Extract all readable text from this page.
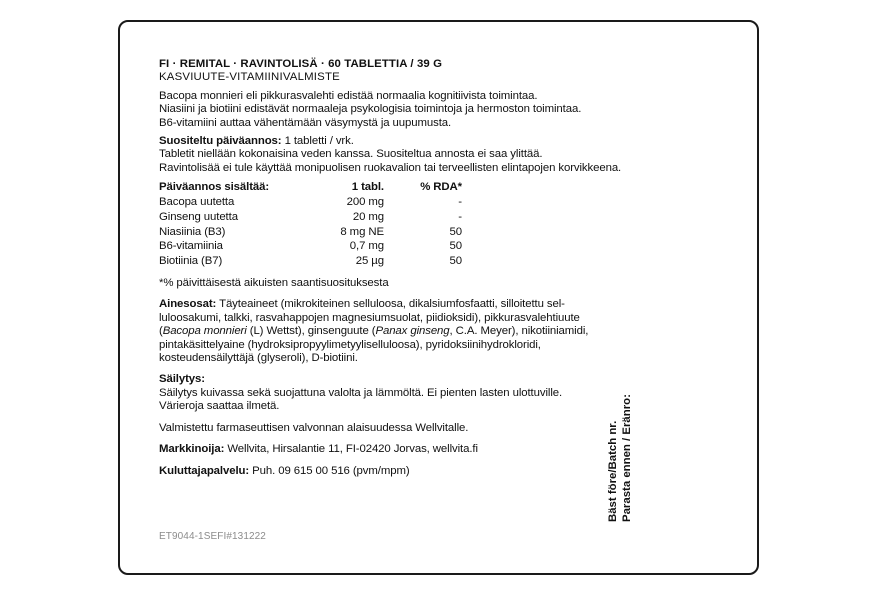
FI · REMITAL · RAVINTOLISÄ · 60 TABLETTIA / 39 G
KASVIUUTE-VITAMIINIVALMISTE
Bacopa monnieri eli pikkurasvalehti edistää normaalia kognitiivista toimintaa.
Niasiini ja biotiini edistävät normaaleja psykologisia toimintoja ja hermoston toimintaa.
B6-vitamiini auttaa vähentämään väsymystä ja uupumusta.
Suositeltu päiväannos: 1 tabletti / vrk.
Tabletit niellään kokonaisina veden kanssa. Suositeltua annosta ei saa ylittää.
Ravintolisää ei tule käyttää monipuolisen ruokavalion tai terveellisten elintapojen korvikkeena.
Päiväannos sisältää:	1 tabl.	% RDA*
Bacopa uutetta	200 mg	-
Ginseng uutetta	20 mg	-
Niasiinia (B3)	8 mg NE	50
B6-vitamiinia	0,7 mg	50
Biotiinia (B7)	25 µg	50
*% päivittäisestä aikuisten saantisuosituksesta
Ainesosat: Täyteaineet (mikrokiteinen selluloosa, dikalsiumfosfaatti, silloitettu sel-
luloosakumi, talkki, rasvahappojen magnesiumsuolat, piidioksidi), pikkurasvalehtiuute
(Bacopa monnieri (L) Wettst), ginsenguute (Panax ginseng, C.A. Meyer), nikotiiniamidi,
pintakäsittelyaine (hydroksipropyylimetyyliselluloosa), pyridoksiinihydrokloridi,
kosteudensäilyttäjä (glyseroli), D-biotiini.
Säilytys:
Säilytys kuivassa sekä suojattuna valolta ja lämmöltä. Ei pienten lasten ulottuville.
Värieroja saattaa ilmetä.
Valmistettu farmaseuttisen valvonnan alaisuudessa Wellvitalle.
Markkinoija: Wellvita, Hirsalantie 11, FI-02420 Jorvas, wellvita.fi
Kuluttajapalvelu: Puh. 09 615 00 516 (pvm/mpm)	Bäst före/Batch nr. Parasta ennen / Eränro:
ET9044-1SEFI#131222
